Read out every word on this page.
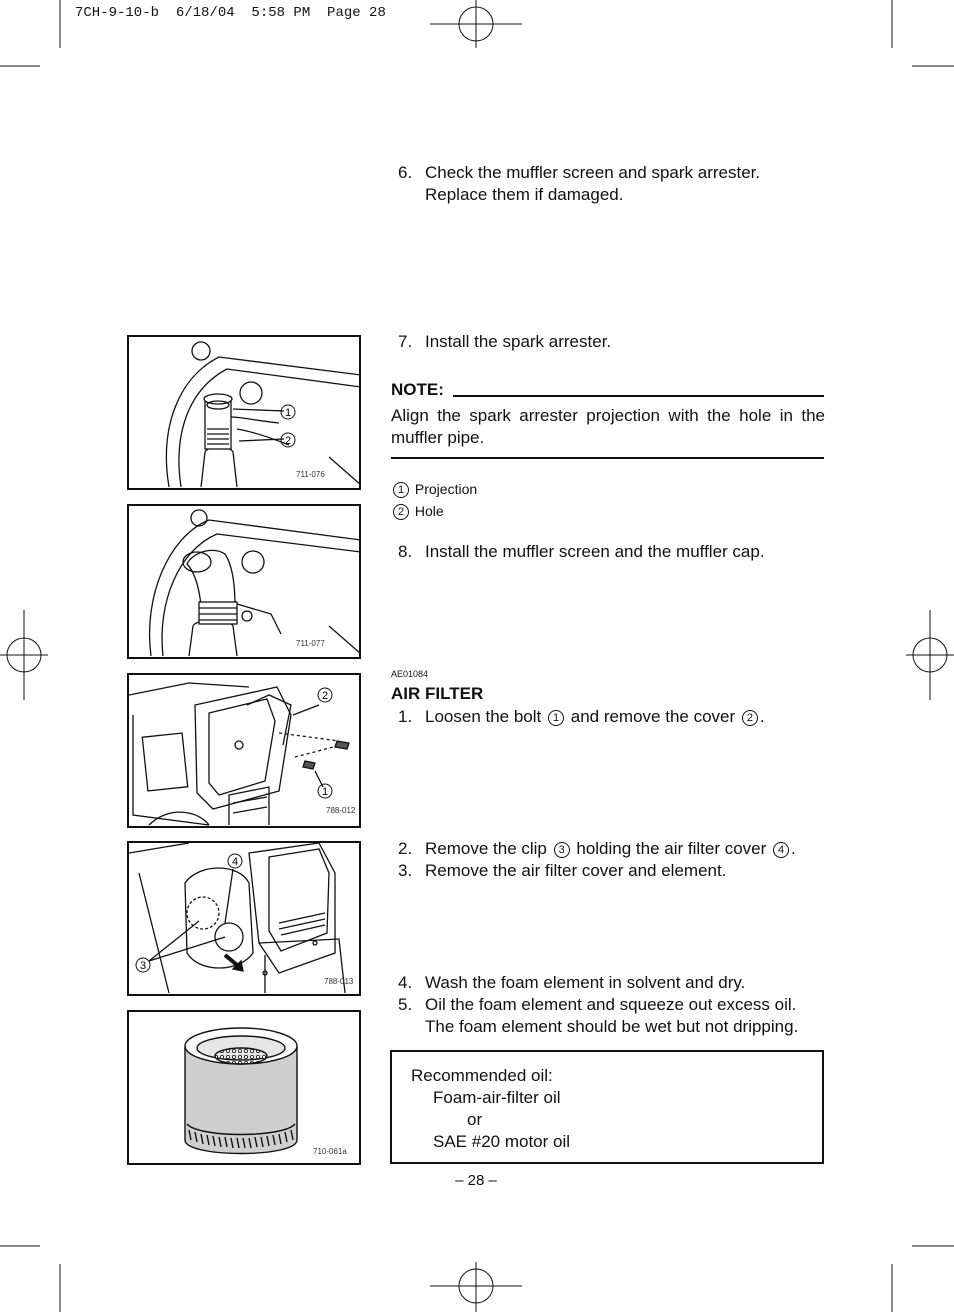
7CH-9-10-b  6/18/04  5:58 PM  Page 28
6. Check the muffler screen and spark arrester.
Replace them if damaged.
7. Install the spark arrester.
NOTE:
Align the spark arrester projection with the hole in the muffler pipe.
1 Projection
2 Hole
8. Install the muffler screen and the muffler cap.
AE01084
AIR FILTER
1. Loosen the bolt 1 and remove the cover 2 .
2. Remove the clip 3 holding the air filter cover 4 .
3. Remove the air filter cover and element.
4. Wash the foam element in solvent and dry.
5. Oil the foam element and squeeze out excess oil.
The foam element should be wet but not dripping.
Recommended oil:
Foam-air-filter oil
or
SAE #20 motor oil
– 28 –
1
2
711-076
711-077
2
1
788-012
4
3
788-013
710-061a
